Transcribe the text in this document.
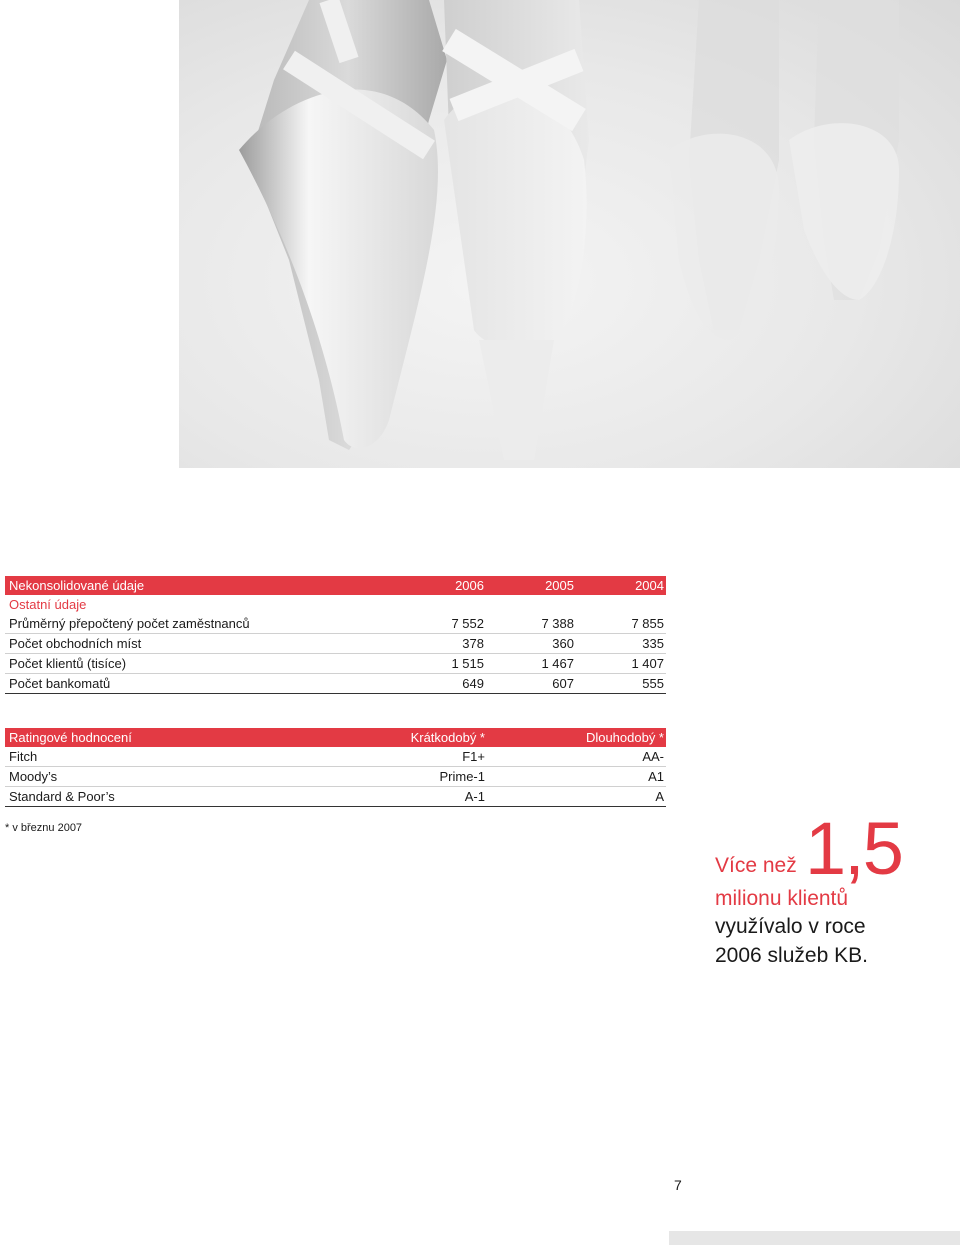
Nekonsolidované údaje	2006	2005	2004
Ostatní údaje
Průměrný přepočtený počet zaměstnanců	7 552	7 388	7 855
Počet obchodních míst	378	360	335
Počet klientů (tisíce)	1 515	1 467	1 407
Počet bankomatů	649	607	555
Ratingové hodnocení	Krátkodobý *	Dlouhodobý *
Fitch	F1+	AA-
Moody’s	Prime-1	A1
Standard & Poor’s	A-1	A
* v březnu 2007
Více než 1,5
milionu klientů
využívalo v roce
2006 služeb KB.
7
